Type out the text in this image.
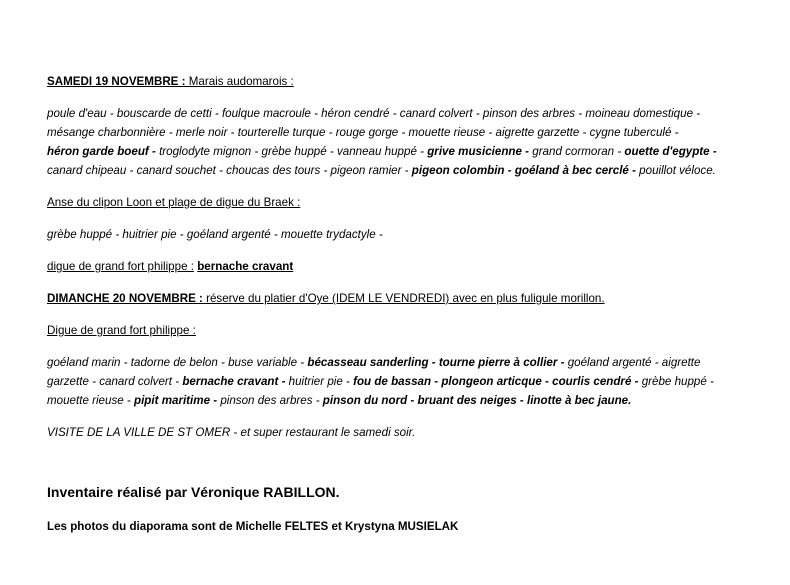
SAMEDI 19 NOVEMBRE : Marais audomarois :

poule d'eau - bouscarde de cetti - foulque macroule - héron cendré - canard colvert - pinson des arbres - moineau domestique -

mésange charbonnière - merle noir - tourterelle turque - rouge gorge - mouette rieuse - aigrette garzette - cygne tuberculé -

héron garde boeuf - troglodyte mignon - grèbe huppé - vanneau huppé - grive musicienne - grand cormoran - ouette d'egypte -

canard chipeau - canard souchet - choucas des tours - pigeon ramier - pigeon colombin - goéland à bec cerclé - pouillot véloce.

Anse du clipon Loon et plage de digue du Braek :

grèbe huppé - huitrier pie - goéland argenté - mouette trydactyle -

digue de grand fort philippe : bernache cravant

DIMANCHE 20 NOVEMBRE : réserve du platier d'Oye (IDEM LE VENDREDI) avec en plus fuligule morillon.

Digue de grand fort philippe :

goéland marin - tadorne de belon - buse variable - bécasseau sanderling - tourne pierre à collier - goéland argenté - aigrette

garzette - canard colvert - bernache cravant - huitrier pie - fou de bassan - plongeon articque - courlis cendré - grèbe huppé -

mouette rieuse - pipit maritime - pinson des arbres - pinson du nord - bruant des neiges - linotte à bec jaune.

VISITE DE LA VILLE DE ST OMER - et super restaurant le samedi soir.

Inventaire réalisé par Véronique RABILLON.
Les photos du diaporama sont de Michelle FELTES et Krystyna MUSIELAK
